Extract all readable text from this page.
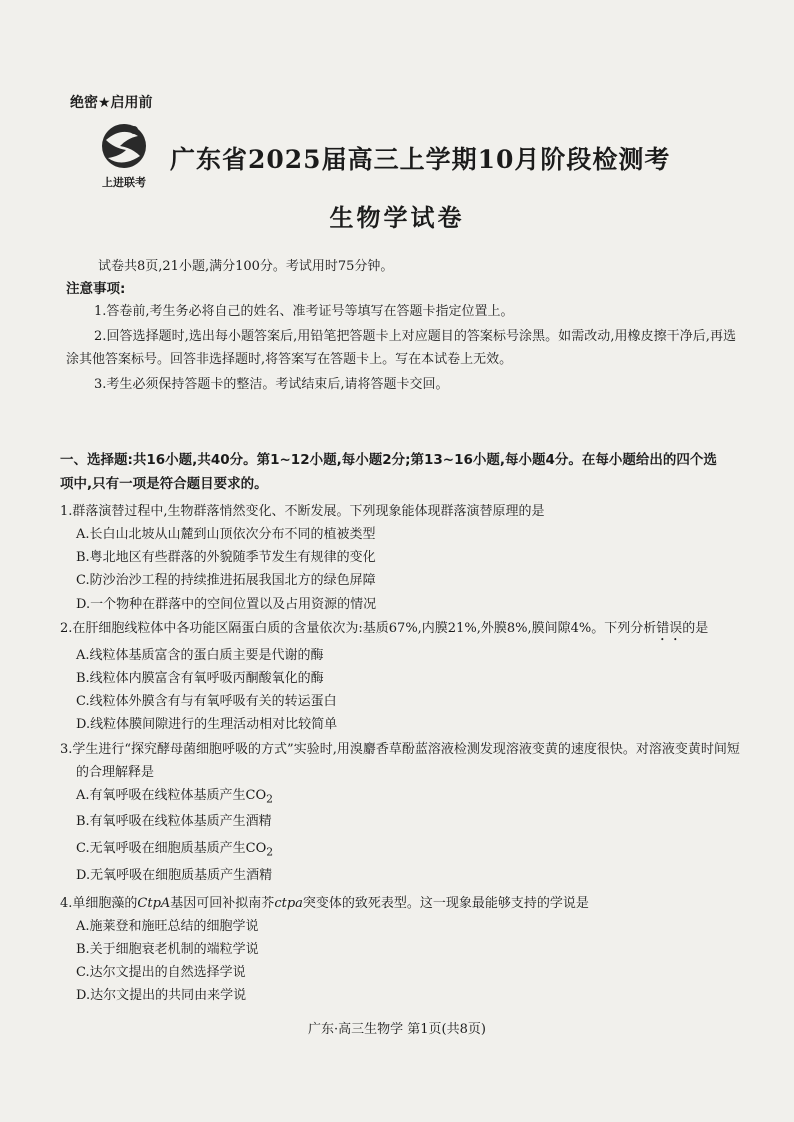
绝密★启用前
上进联考
广东省2025届高三上学期10月阶段检测考
生物学试卷
试卷共8页,21小题,满分100分。考试用时75分钟。
注意事项:

1.答卷前,考生务必将自己的姓名、准考证号等填写在答题卡指定位置上。

2.回答选择题时,选出每小题答案后,用铅笔把答题卡上对应题目的答案标号涂黑。如需改动,用橡皮擦干净后,再选涂其他答案标号。回答非选择题时,将答案写在答题卡上。写在本试卷上无效。

3.考生必须保持答题卡的整洁。考试结束后,请将答题卡交回。

一、选择题:共16小题,共40分。第1~12小题,每小题2分;第13~16小题,每小题4分。在每小题给出的四个选项中,只有一项是符合题目要求的。
1.群落演替过程中,生物群落悄然变化、不断发展。下列现象能体现群落演替原理的是
A.长白山北坡从山麓到山顶依次分布不同的植被类型
B.粤北地区有些群落的外貌随季节发生有规律的变化
C.防沙治沙工程的持续推进拓展我国北方的绿色屏障
D.一个物种在群落中的空间位置以及占用资源的情况
2.在肝细胞线粒体中各功能区隔蛋白质的含量依次为:基质67%,内膜21%,外膜8%,膜间隙4%。下列分析错误的是
A.线粒体基质富含的蛋白质主要是代谢的酶
B.线粒体内膜富含有氧呼吸丙酮酸氧化的酶
C.线粒体外膜含有与有氧呼吸有关的转运蛋白
D.线粒体膜间隙进行的生理活动相对比较简单
3.学生进行“探究酵母菌细胞呼吸的方式”实验时,用溴麝香草酚蓝溶液检测发现溶液变黄的速度很快。对溶液变黄时间短的合理解释是
A.有氧呼吸在线粒体基质产生$CO_2$
B.有氧呼吸在线粒体基质产生酒精
C.无氧呼吸在细胞质基质产生$CO_2$
D.无氧呼吸在细胞质基质产生酒精
4.单细胞藻的CtpA基因可回补拟南芥ctpa突变体的致死表型。这一现象最能够支持的学说是
A.施莱登和施旺总结的细胞学说
B.关于细胞衰老机制的端粒学说
C.达尔文提出的自然选择学说
D.达尔文提出的共同由来学说
广东·高三生物学 第1页(共8页)
